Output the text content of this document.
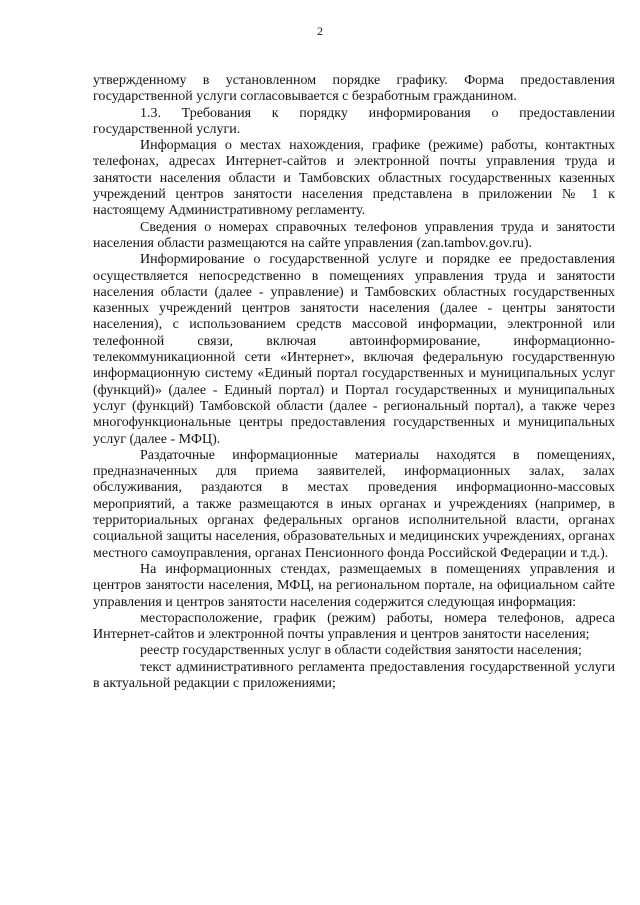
2

утвержденному в установленном порядке графику. Форма предоставления государственной услуги согласовывается с безработным гражданином.

1.3. Требования к порядку информирования о предоставлении государственной услуги.

Информация о местах нахождения, графике (режиме) работы, контактных телефонах, адресах Интернет-сайтов и электронной почты управления труда и занятости населения области и Тамбовских областных государственных казенных учреждений центров занятости населения представлена в приложении № 1 к настоящему Административному регламенту.

Сведения о номерах справочных телефонов управления труда и занятости населения области размещаются на сайте управления (zan.tambov.gov.ru).

Информирование о государственной услуге и порядке ее предоставления осуществляется непосредственно в помещениях управления труда и занятости населения области (далее - управление) и Тамбовских областных государственных казенных учреждений центров занятости населения (далее - центры занятости населения), с использованием средств массовой информации, электронной или телефонной связи, включая автоинформирование, информационно-телекоммуникационной сети «Интернет», включая федеральную государственную информационную систему «Единый портал государственных и муниципальных услуг (функций)» (далее - Единый портал) и Портал государственных и муниципальных услуг (функций) Тамбовской области (далее - региональный портал), а также через многофункциональные центры предоставления государственных и муниципальных услуг (далее - МФЦ).

Раздаточные информационные материалы находятся в помещениях, предназначенных для приема заявителей, информационных залах, залах обслуживания, раздаются в местах проведения информационно-массовых мероприятий, а также размещаются в иных органах и учреждениях (например, в территориальных органах федеральных органов исполнительной власти, органах социальной защиты населения, образовательных и медицинских учреждениях, органах местного самоуправления, органах Пенсионного фонда Российской Федерации и т.д.).

На информационных стендах, размещаемых в помещениях управления и центров занятости населения, МФЦ, на региональном портале, на официальном сайте управления и центров занятости населения содержится следующая информация:

месторасположение, график (режим) работы, номера телефонов, адреса Интернет-сайтов и электронной почты управления и центров занятости населения;

реестр государственных услуг в области содействия занятости населения;

текст административного регламента предоставления государственной услуги в актуальной редакции с приложениями;
